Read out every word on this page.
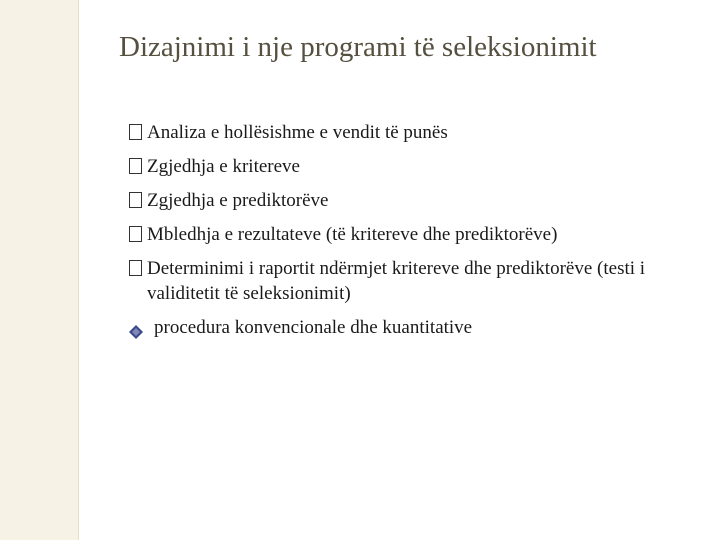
Dizajnimi i nje programi të seleksionimit
Analiza e hollësishme e vendit të punës
Zgjedhja e kritereve
Zgjedhja e prediktorëve
Mbledhja e rezultateve (të kritereve dhe prediktorëve)
Determinimi i raportit ndërmjet kritereve dhe prediktorëve (testi i validitetit të seleksionimit)
procedura konvencionale dhe kuantitative
